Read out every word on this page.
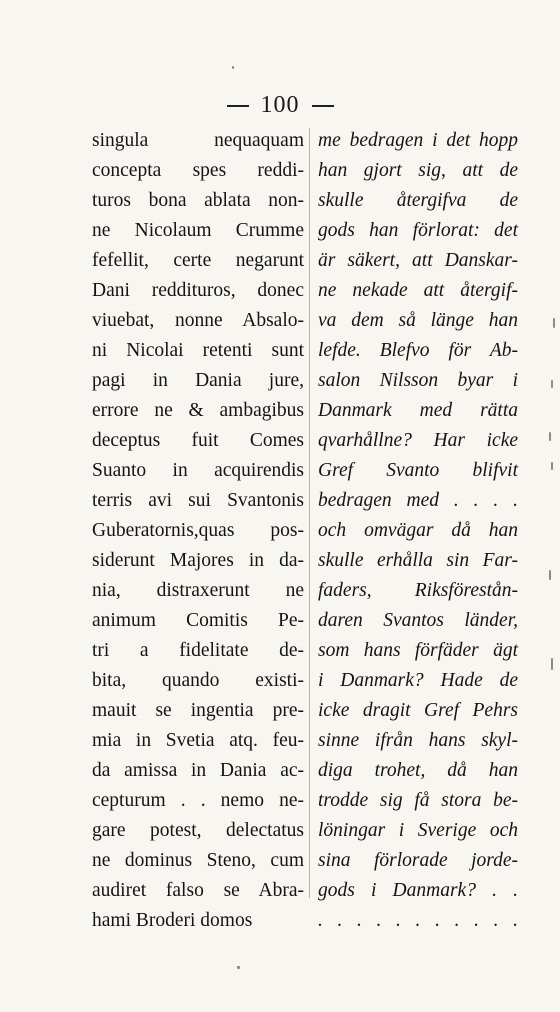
100
singula nequaquam
concepta spes reddi-
turos bona ablata non-
ne Nicolaum Crumme
fefellit, certe negarunt
Dani reddituros, donec
viuebat, nonne Absalo-
ni Nicolai retenti sunt
pagi in Dania jure,
errore ne & ambagibus
deceptus fuit Comes
Suanto in acquirendis
terris avi sui Svantonis
Guberatornis,quas pos-
siderunt Majores in da-
nia, distraxerunt ne
animum Comitis Pe-
tri a fidelitate de-
bita, quando existi-
mauit se ingentia pre-
mia in Svetia atq. feu-
da amissa in Dania ac-
cepturum . . nemo ne-
gare potest, delectatus
ne dominus Steno, cum
audiret falso se Abra-
hami Broderi domos
me bedragen i det hopp
han gjort sig, att de
skulle återgifva de
gods han förlorat: det
är säkert, att Danskar-
ne nekade att återgif-
va dem så länge han
lefde. Blefvo för Ab-
salon Nilsson byar i
Danmark med rätta
qvarhållne? Har icke
Gref Svanto blifvit
bedragen med . . . .
och omvägar då han
skulle erhålla sin Far-
faders, Riksförestån-
daren Svantos länder,
som hans förfäder ägt
i Danmark? Hade de
icke dragit Gref Pehrs
sinne ifrån hans skyl-
diga trohet, då han
trodde sig få stora be-
löningar i Sverige och
sina förlorade jorde-
gods i Danmark? . .
. . . . . . . . . . .
